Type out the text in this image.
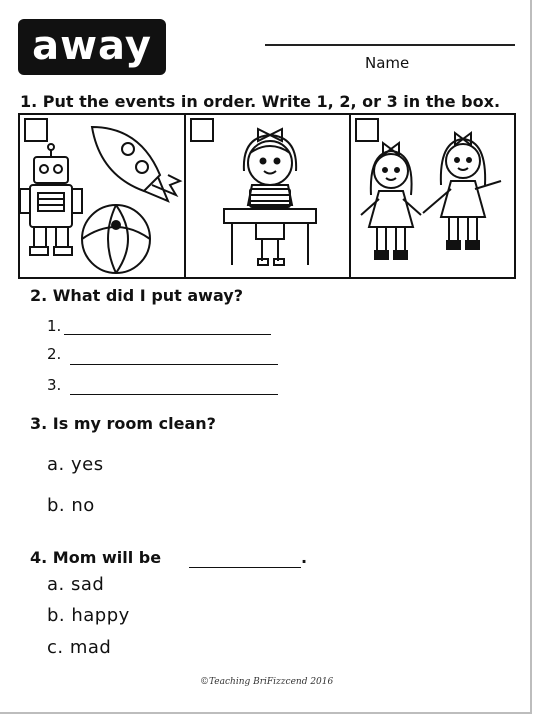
away	Name
1. Put the events in order. Write 1, 2, or 3 in the box.
2. What did I put away?
1.
2.
3.
3. Is my room clean?
a. yes
b. no
4. Mom will be	.
a. sad
b. happy
c. mad
©Teaching BriFizzcend 2016
